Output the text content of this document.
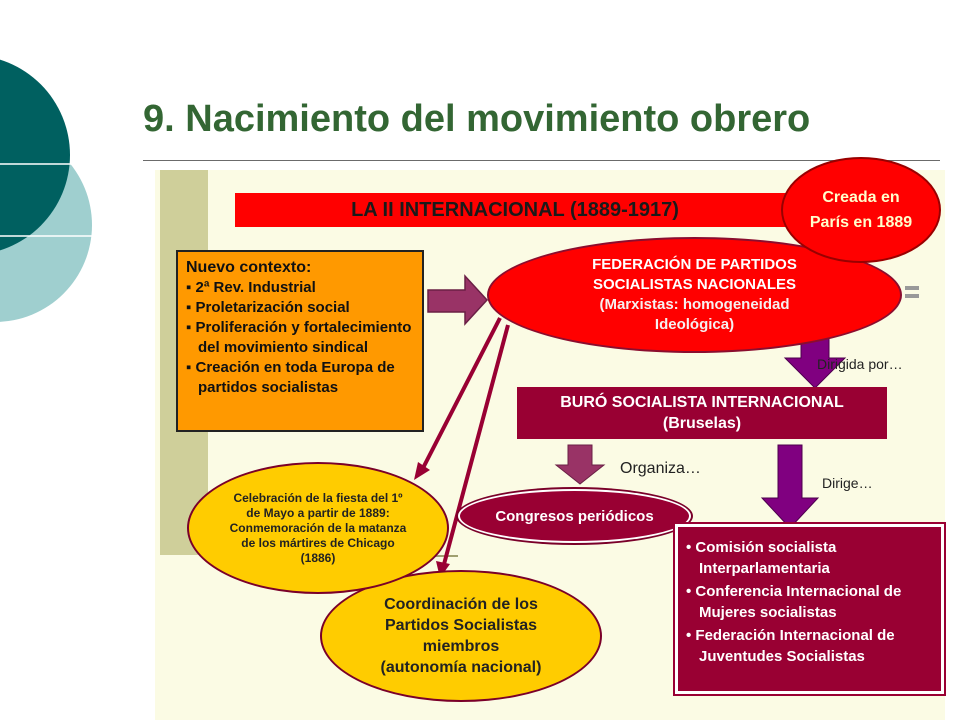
9. Nacimiento del movimiento obrero
LA II INTERNACIONAL (1889-1917)
Nuevo contexto:
▪ 2ª Rev. Industrial
▪ Proletarización social
▪ Proliferación y fortalecimiento del movimiento sindical
▪ Creación en toda Europa de partidos socialistas
FEDERACIÓN DE PARTIDOS
SOCIALISTAS NACIONALES
(Marxistas: homogeneidad
Ideológica)
Creada en París en 1889
Dirigida por…
BURÓ SOCIALISTA INTERNACIONAL
(Bruselas)
Organiza…
Dirige…
Congresos periódicos
• Comisión socialista Interparlamentaria
• Conferencia Internacional de Mujeres socialistas
• Federación Internacional de Juventudes Socialistas
Coordinación de los
Partidos Socialistas
miembros
(autonomía nacional)
Celebración de la fiesta del 1º de Mayo a partir de 1889: Conmemoración de la matanza de los mártires de Chicago (1886)
